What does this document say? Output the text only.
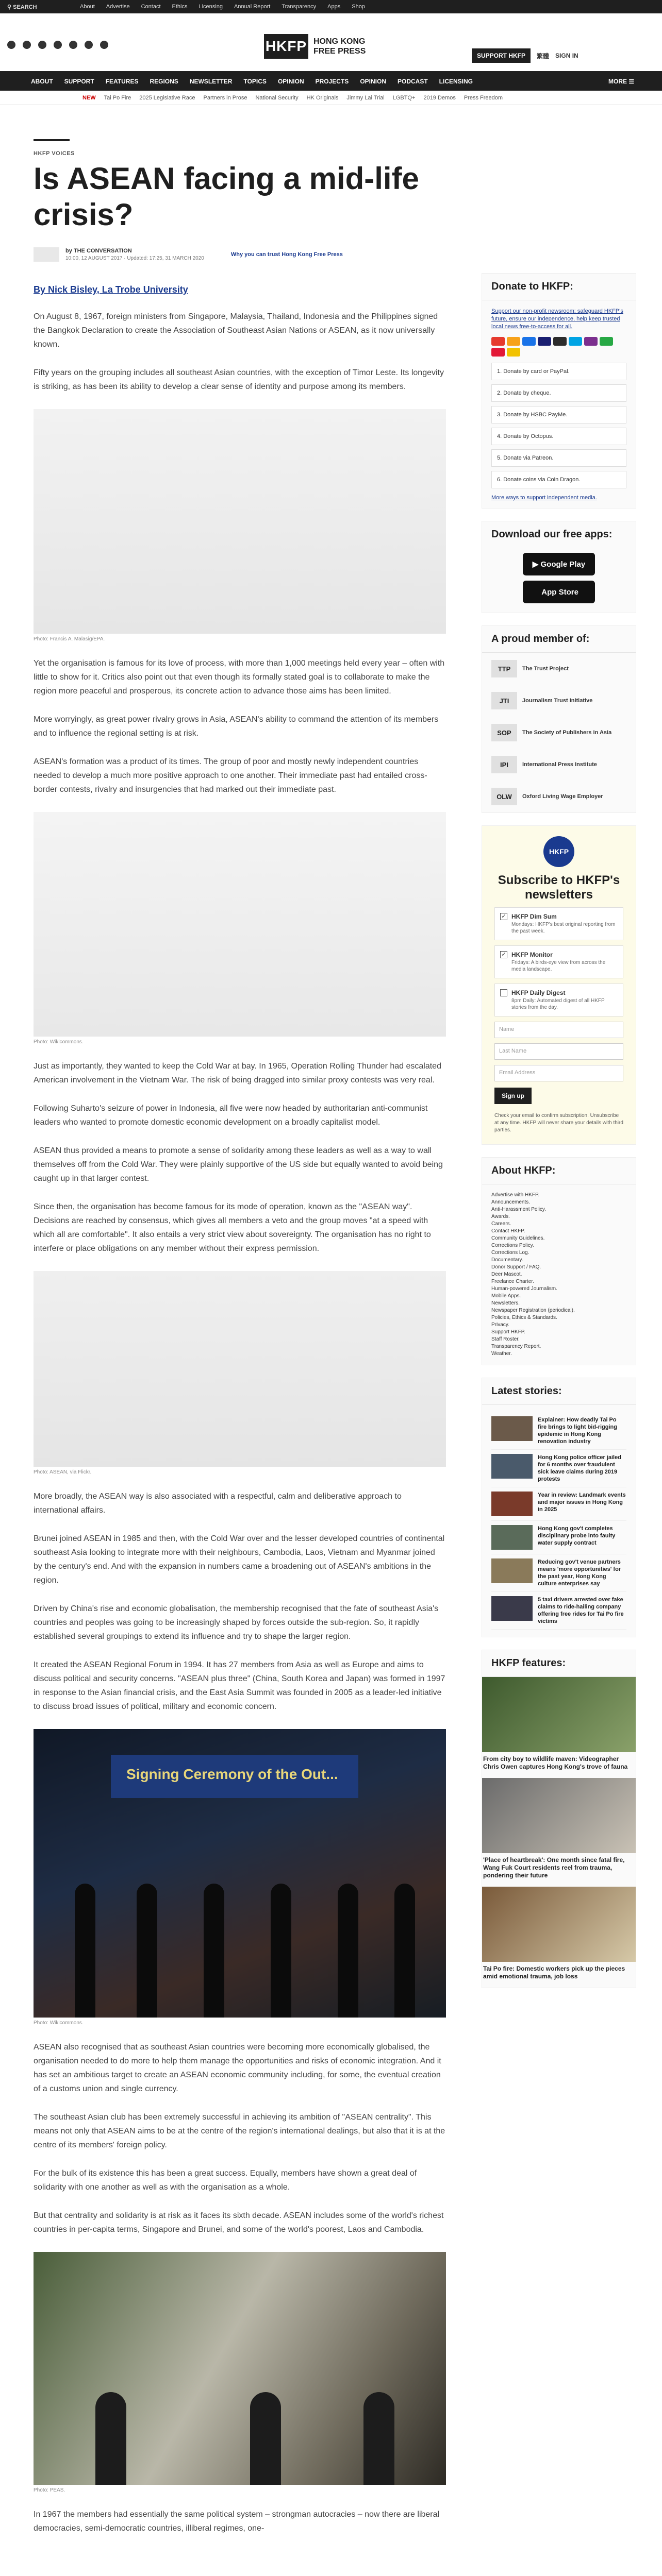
⚲ SEARCH	About Advertise Contact Ethics Licensing Annual Report Transparency Apps Shop
HKFP HONG KONG
FREE PRESS	SUPPORT HKFP	繁體 SIGN IN
ABOUT SUPPORT FEATURES REGIONS NEWSLETTER TOPICS OPINION PROJECTS OPINION PODCAST LICENSING	MORE ☰
NEW Tai Po Fire 2025 Legislative Race Partners in Prose National Security HK Originals Jimmy Lai Trial LGBTQ+ 2019 Demos Press Freedom
HKFP VOICES
Is ASEAN facing a mid-life crisis?
by THE CONVERSATION
10:00, 12 AUGUST 2017 · Updated: 17:25, 31 MARCH 2020
Why you can trust Hong Kong Free Press
By Nick Bisley, La Trobe University

On August 8, 1967, foreign ministers from Singapore, Malaysia, Thailand, Indonesia and the Philippines signed the Bangkok Declaration to create the Association of Southeast Asian Nations or ASEAN, as it now universally known.

Fifty years on the grouping includes all southeast Asian countries, with the exception of Timor Leste. Its longevity is striking, as has been its ability to develop a clear sense of identity and purpose among its members.

Photo: Francis A. Malasig/EPA.

Yet the organisation is famous for its love of process, with more than 1,000 meetings held every year – often with little to show for it. Critics also point out that even though its formally stated goal is to collaborate to make the region more peaceful and prosperous, its concrete action to advance those aims has been limited.

More worryingly, as great power rivalry grows in Asia, ASEAN's ability to command the attention of its members and to influence the regional setting is at risk.

ASEAN's formation was a product of its times. The group of poor and mostly newly independent countries needed to develop a much more positive approach to one another. Their immediate past had entailed cross-border contests, rivalry and insurgencies that had marked out their immediate past.

Photo: Wikicommons.

Just as importantly, they wanted to keep the Cold War at bay. In 1965, Operation Rolling Thunder had escalated American involvement in the Vietnam War. The risk of being dragged into similar proxy contests was very real.

Following Suharto's seizure of power in Indonesia, all five were now headed by authoritarian anti-communist leaders who wanted to promote domestic economic development on a broadly capitalist model.

ASEAN thus provided a means to promote a sense of solidarity among these leaders as well as a way to wall themselves off from the Cold War. They were plainly supportive of the US side but equally wanted to avoid being caught up in that larger contest.

Since then, the organisation has become famous for its mode of operation, known as the "ASEAN way". Decisions are reached by consensus, which gives all members a veto and the group moves "at a speed with which all are comfortable". It also entails a very strict view about sovereignty. The organisation has no right to interfere or place obligations on any member without their express permission.

Photo: ASEAN, via Flickr.

More broadly, the ASEAN way is also associated with a respectful, calm and deliberative approach to international affairs.

Brunei joined ASEAN in 1985 and then, with the Cold War over and the lesser developed countries of continental southeast Asia looking to integrate more with their neighbours, Cambodia, Laos, Vietnam and Myanmar joined by the century's end. And with the expansion in numbers came a broadening out of ASEAN's ambitions in the region.

Driven by China's rise and economic globalisation, the membership recognised that the fate of southeast Asia's countries and peoples was going to be increasingly shaped by forces outside the sub-region. So, it rapidly established several groupings to extend its influence and try to shape the larger region.

It created the ASEAN Regional Forum in 1994. It has 27 members from Asia as well as Europe and aims to discuss political and security concerns. "ASEAN plus three" (China, South Korea and Japan) was formed in 1997 in response to the Asian financial crisis, and the East Asia Summit was founded in 2005 as a leader-led initiative to discuss broad issues of political, military and economic concern.

Signing Ceremony of the Out...
Photo: Wikicommons.

ASEAN also recognised that as southeast Asian countries were becoming more economically globalised, the organisation needed to do more to help them manage the opportunities and risks of economic integration. And it has set an ambitious target to create an ASEAN economic community including, for some, the eventual creation of a customs union and single currency.

The southeast Asian club has been extremely successful in achieving its ambition of "ASEAN centrality". This means not only that ASEAN aims to be at the centre of the region's international dealings, but also that it is at the centre of its members' foreign policy.

For the bulk of its existence this has been a great success. Equally, members have shown a great deal of solidarity with one another as well as with the organisation as a whole.

But that centrality and solidarity is at risk as it faces its sixth decade. ASEAN includes some of the world's richest countries in per-capita terms, Singapore and Brunei, and some of the world's poorest, Laos and Cambodia.

Photo: PEAS.

In 1967 the members had essentially the same political system – strongman autocracies – now there are liberal democracies, semi-democratic countries, illiberal regimes, one-

Donate to HKFP:
Support our non-profit newsroom: safeguard HKFP's future, ensure our independence, help keep trusted local news free-to-access for all.
1. Donate by card or PayPal.
2. Donate by cheque.
3. Donate by HSBC PayMe.
4. Donate by Octopus.
5. Donate via Patreon.
6. Donate coins via Coin Dragon.
More ways to support independent media.
Download our free apps:
▶ Google Play

App Store
A proud member of:
TTP	The Trust Project
JTI	Journalism Trust Initiative
SOP	The Society of Publishers in Asia
IPI	International Press Institute
OLW	Oxford Living Wage Employer
HKFP
Subscribe to HKFP's newsletters
✓ HKFP Dim Sum
Mondays: HKFP's best original reporting from the past week.
✓ HKFP Monitor
Fridays: A birds-eye view from across the media landscape.
HKFP Daily Digest
8pm Daily: Automated digest of all HKFP stories from the day.
Name
Last Name
Email Address
Sign up
Check your email to confirm subscription. Unsubscribe at any time. HKFP will never share your details with third parties.
About HKFP:
Advertise with HKFP.
Announcements.
Anti-Harassment Policy.
Awards.
Careers.
Contact HKFP.
Community Guidelines.
Corrections Policy.
Corrections Log.
Documentary.
Donor Support / FAQ.
Deer Mascot.
Freelance Charter.
Human-powered Journalism.
Mobile Apps.
Newsletters.
Newspaper Registration (periodical).
Policies, Ethics & Standards.
Privacy.
Support HKFP.
Staff Roster.
Transparency Report.
Weather.
Latest stories:
Explainer: How deadly Tai Po fire brings to light bid-rigging epidemic in Hong Kong renovation industry
Hong Kong police officer jailed for 6 months over fraudulent sick leave claims during 2019 protests
Year in review: Landmark events and major issues in Hong Kong in 2025
Hong Kong gov't completes disciplinary probe into faulty water supply contract
Reducing gov't venue partners means 'more opportunities' for the past year, Hong Kong culture enterprises say
5 taxi drivers arrested over fake claims to ride-hailing company offering free rides for Tai Po fire victims
HKFP features:
From city boy to wildlife maven: Videographer Chris Owen captures Hong Kong's trove of fauna
'Place of heartbreak': One month since fatal fire, Wang Fuk Court residents reel from trauma, pondering their future
Tai Po fire: Domestic workers pick up the pieces amid emotional trauma, job loss
